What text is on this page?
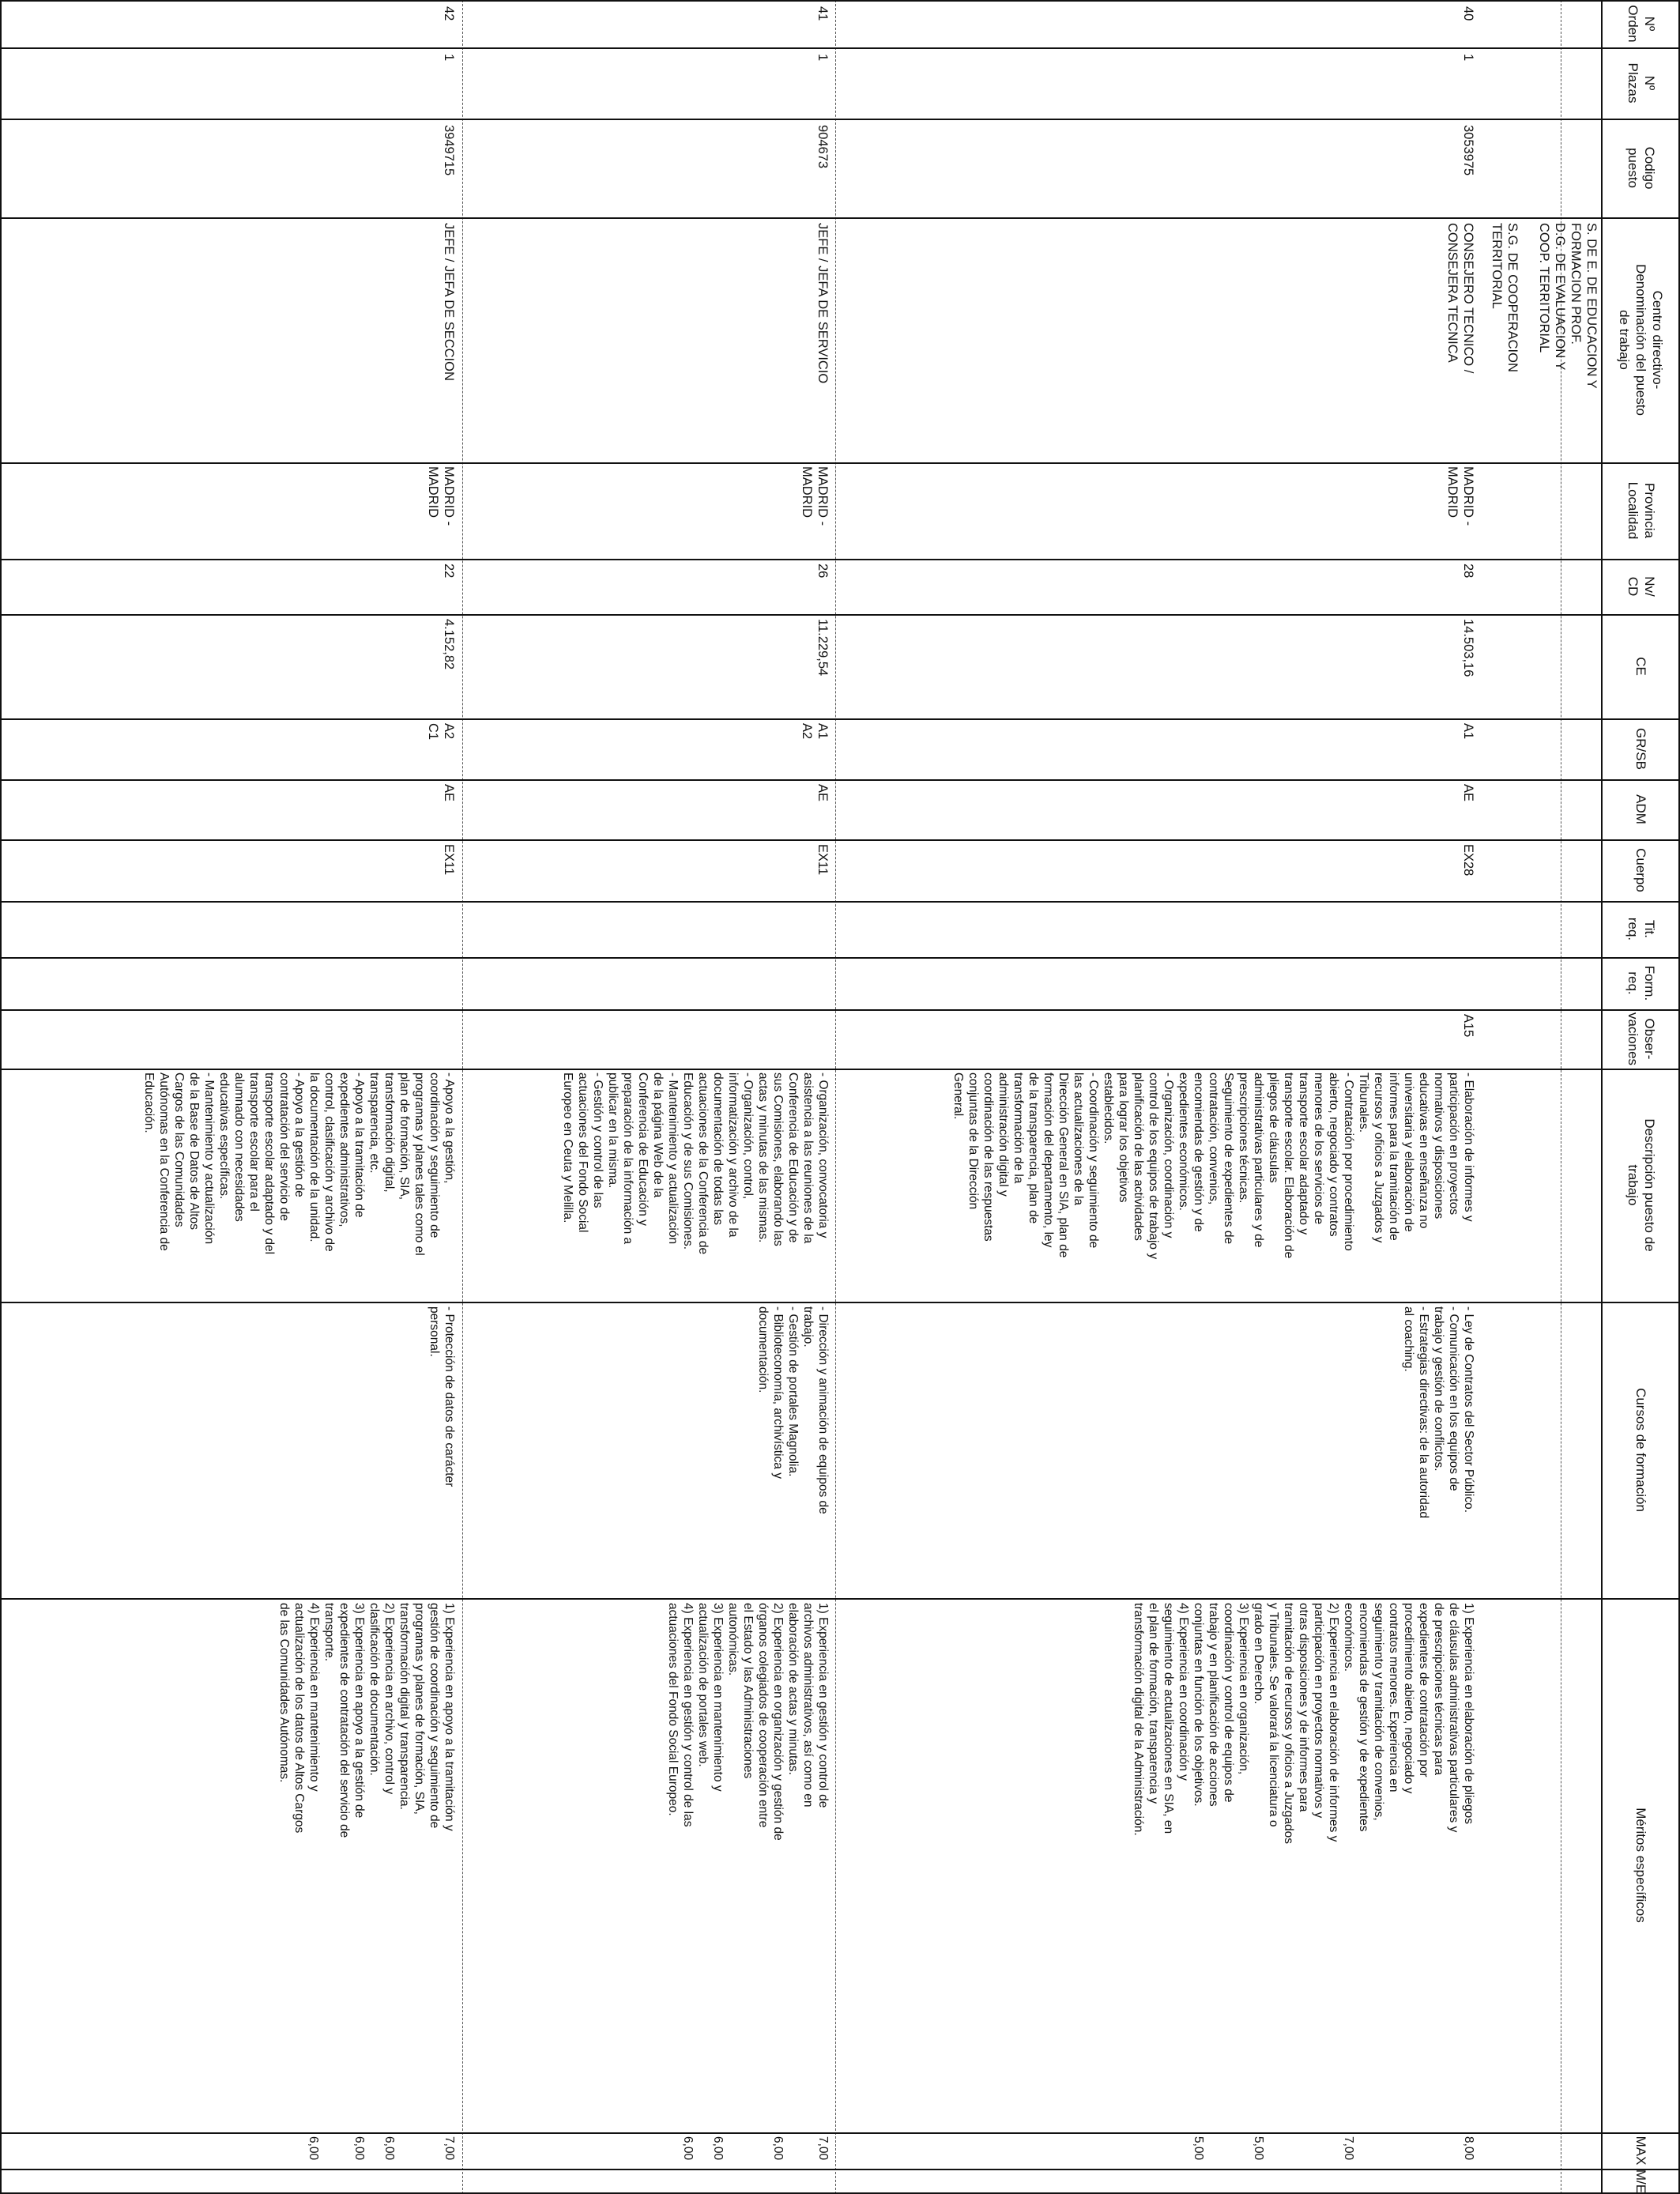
Nº
Orden
Nº
Plazas
Codigo
puesto
Centro directivo-
Denominación del puesto
de trabajo
Provincia
Localidad
Nv/
CD
CE
GR/SB
ADM
Cuerpo
Tit.
req.
Form.
req.
Obser-
vaciones
Descripción puesto de
trabajo
Cursos de formación
Méritos específicos
MAX
M/E
S. DE E. DE EDUCACION Y
FORMACION PROF.
D.G. DE EVALUACION Y
COOP. TERRITORIAL

S.G. DE COOPERACION
TERRITORIAL
40
1
3053975
CONSEJERO TECNICO /
CONSEJERA TECNICA
MADRID -
MADRID
28
14.503,16
A1
AE
EX28
A15
- Elaboración de informes y
participación en proyectos
normativos y disposiciones
educativas en enseñanza no
universitaria y elaboración de
informes para la tramitación de
recursos y oficios a Juzgados y
Tribunales.
- Contratación por procedimiento
abierto, negociado y contratos
menores de los servicios de
transporte escolar adaptado y
transporte escolar. Elaboración de
pliegos de cláusulas
administrativas particulares y de
prescripciones técnicas.
Seguimiento de expedientes de
contratación, convenios,
encomiendas de gestión y de
expedientes económicos.
- Organización, coordinación y
control de los equipos de trabajo y
planificación de las actividades
para lograr los objetivos
establecidos.
- Coordinación y seguimiento de
las actualizaciones de la
Dirección General en SIA, plan de
formación del departamento, ley
de la transparencia, plan de
transformación de la
administración digital y
coordinación de las respuestas
conjuntas de la Dirección
General.
- Ley de Contratos del Sector Público.
- Comunicación en los equipos de
trabajo y gestión de conflictos.
- Estrategias directivas: de la autoridad
al coaching.
1) Experiencia en elaboración de pliegos
de cláusulas administrativas particulares y
de prescripciones técnicas para
expedientes de contratación por
procedimiento abierto, negociado y
contratos menores. Experiencia en
seguimiento y tramitación de convenios,
encomiendas de gestión y de expedientes
económicos.
2) Experiencia en elaboración de informes y
participación en proyectos normativos y
otras disposiciones y de informes para
tramitación de recursos y oficios a Juzgados
y Tribunales. Se valorará la licenciatura o
grado en Derecho.
3) Experiencia en organización,
coordinación y control de equipos de
trabajo y en planificación de acciones
conjuntas en función de los objetivos.
4) Experiencia en coordinación y
seguimiento de actualizaciones en SIA, en
el plan de formación, transparencia y
transformación digital de la Administración.
8,00
7,00
5,00
5,00
41
1
904673
JEFE / JEFA DE SERVICIO
MADRID -
MADRID
26
11.229,54
A1
A2
AE
EX11
- Organización, convocatoria y
asistencia a las reuniones de la
Conferencia de Educación y de
sus Comisiones, elaborando las
actas y minutas de las mismas.
- Organización, control,
informatización y archivo de la
documentación de todas las
actuaciones de la Conferencia de
Educación y de sus Comisiones.
- Mantenimiento y actualización
de la página Web de la
Conferencia de Educación y
preparación de la información a
publicar en la misma.
- Gestión y control de las
actuaciones del Fondo Social
Europeo en Ceuta y Melilla.
- Dirección y animación de equipos de
trabajo.
- Gestión de portales Magnolia.
- Biblioteconomía, archivística y
documentación.
1) Experiencia en gestión y control de
archivos administrativos, así como en
elaboración de actas y minutas.
2) Experiencia en organización y gestión de
órganos colegiados de cooperación entre
el Estado y las Administraciones
autonómicas.
3) Experiencia en mantenimiento y
actualización de portales web.
4) Experiencia en gestión y control de las
actuaciones del Fondo Social Europeo.
7,00
6,00
6,00
6,00
42
1
3949715
JEFE / JEFA DE SECCION
MADRID -
MADRID
22
4.152,82
A2
C1
AE
EX11
- Apoyo a la gestión,
coordinación y seguimiento de
programas y planes tales como el
plan de formación, SIA,
transformación digital,
transparencia, etc.
- Apoyo a la tramitación de
expedientes administrativos,
control, clasificación y archivo de
la documentación de la unidad.
- Apoyo a la gestión de
contratación del servicio de
transporte escolar adaptado y del
transporte escolar para el
alumnado con necesidades
educativas específicas.
- Mantenimiento y actualización
de la Base de Datos de Altos
Cargos de las Comunidades
Autónomas en la Conferencia de
Educación.
- Protección de datos de carácter
personal.
1) Experiencia en apoyo a la tramitación y
gestión de coordinación y seguimiento de
programas y planes de formación, SIA,
transformación digital y transparencia.
2) Experiencia en archivo, control y
clasificación de documentación.
3) Experiencia en apoyo a la gestión de
expedientes de contratación del servicio de
transporte.
4) Experiencia en mantenimiento y
actualización de los datos de Altos Cargos
de las Comunidades Autónomas.
7,00
6,00
6,00
6,00
